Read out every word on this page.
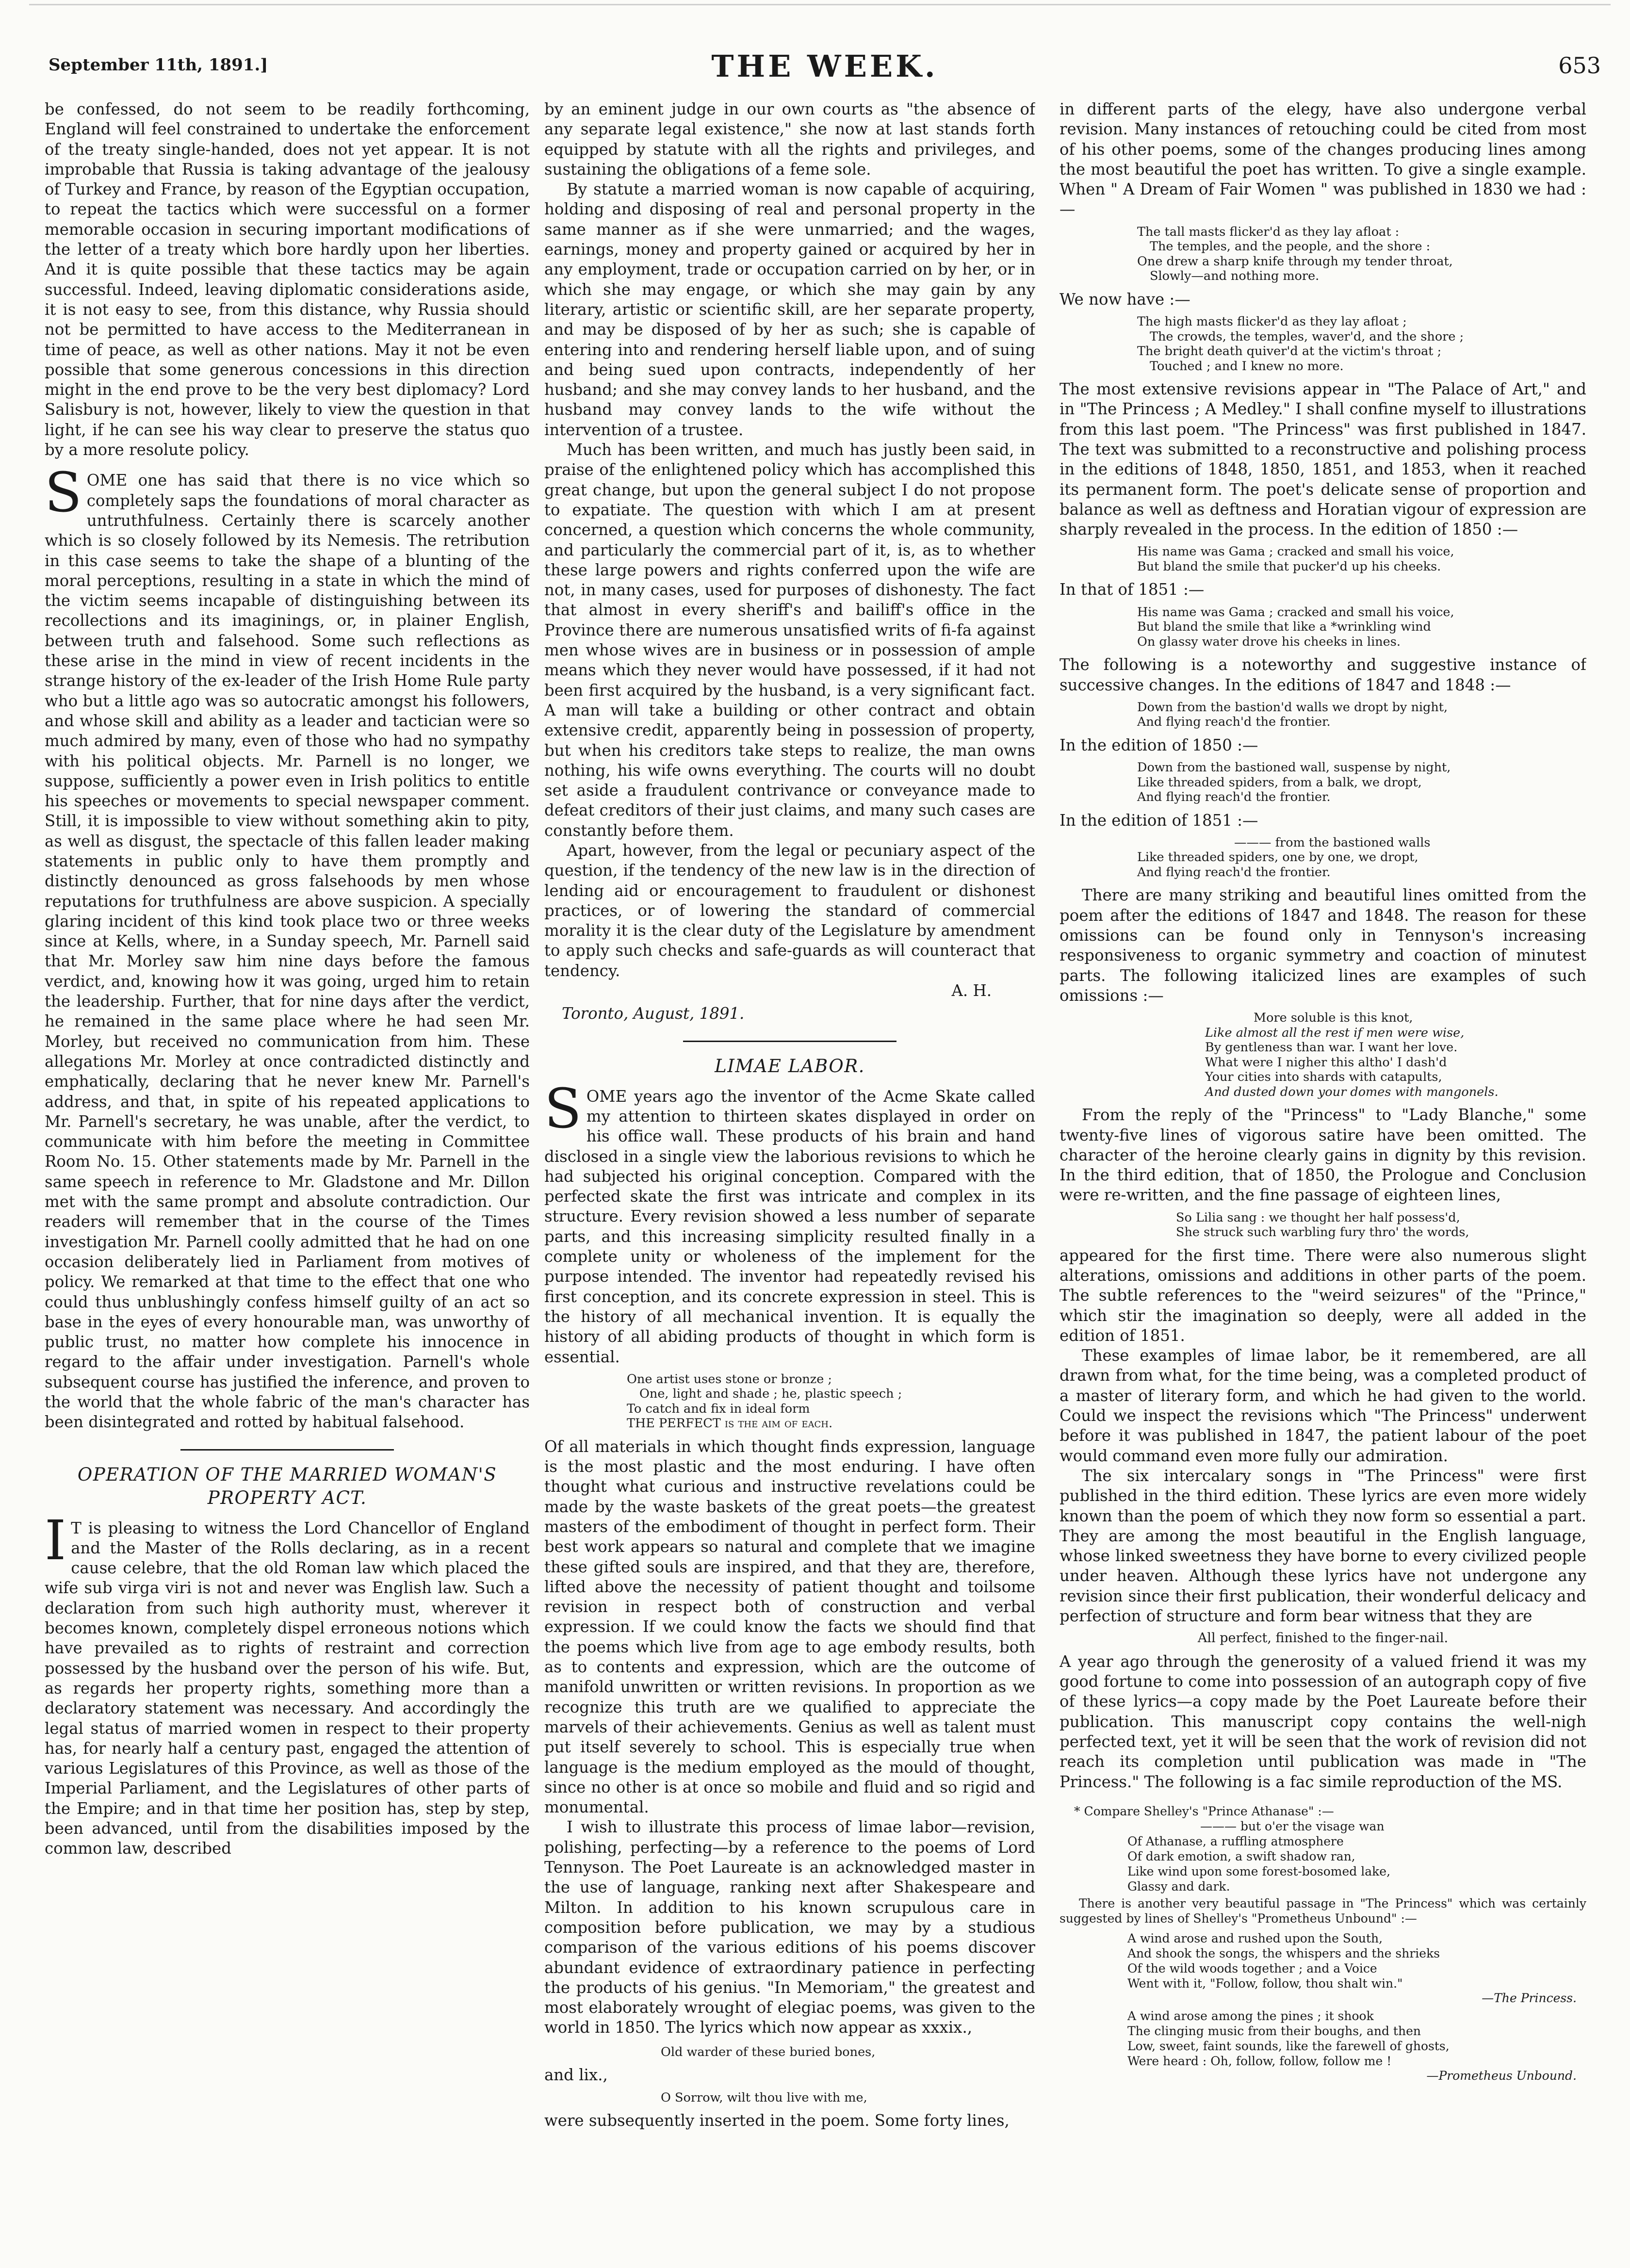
September 11th, 1891.]	THE WEEK.	653

be confessed, do not seem to be readily forthcoming, England will feel constrained to undertake the enforcement of the treaty single-handed, does not yet appear. It is not improbable that Russia is taking advantage of the jealousy of Turkey and France, by reason of the Egyptian occupation, to repeat the tactics which were successful on a former memorable occasion in securing important modifications of the letter of a treaty which bore hardly upon her liberties. And it is quite possible that these tactics may be again successful. Indeed, leaving diplomatic considerations aside, it is not easy to see, from this distance, why Russia should not be permitted to have access to the Mediterranean in time of peace, as well as other nations. May it not be even possible that some generous concessions in this direction might in the end prove to be the very best diplomacy? Lord Salisbury is not, however, likely to view the question in that light, if he can see his way clear to preserve the status quo by a more resolute policy.

SOME one has said that there is no vice which so completely saps the foundations of moral character as untruthfulness. Certainly there is scarcely another which is so closely followed by its Nemesis. The retribution in this case seems to take the shape of a blunting of the moral perceptions, resulting in a state in which the mind of the victim seems incapable of distinguishing between its recollections and its imaginings, or, in plainer English, between truth and falsehood. Some such reflections as these arise in the mind in view of recent incidents in the strange history of the ex-leader of the Irish Home Rule party who but a little ago was so autocratic amongst his followers, and whose skill and ability as a leader and tactician were so much admired by many, even of those who had no sympathy with his political objects. Mr. Parnell is no longer, we suppose, sufficiently a power even in Irish politics to entitle his speeches or movements to special newspaper comment. Still, it is impossible to view without something akin to pity, as well as disgust, the spectacle of this fallen leader making statements in public only to have them promptly and distinctly denounced as gross falsehoods by men whose reputations for truthfulness are above suspicion. A specially glaring incident of this kind took place two or three weeks since at Kells, where, in a Sunday speech, Mr. Parnell said that Mr. Morley saw him nine days before the famous verdict, and, knowing how it was going, urged him to retain the leadership. Further, that for nine days after the verdict, he remained in the same place where he had seen Mr. Morley, but received no communication from him. These allegations Mr. Morley at once contradicted distinctly and emphatically, declaring that he never knew Mr. Parnell's address, and that, in spite of his repeated applications to Mr. Parnell's secretary, he was unable, after the verdict, to communicate with him before the meeting in Committee Room No. 15. Other statements made by Mr. Parnell in the same speech in reference to Mr. Gladstone and Mr. Dillon met with the same prompt and absolute contradiction. Our readers will remember that in the course of the Times investigation Mr. Parnell coolly admitted that he had on one occasion deliberately lied in Parliament from motives of policy. We remarked at that time to the effect that one who could thus unblushingly confess himself guilty of an act so base in the eyes of every honourable man, was unworthy of public trust, no matter how complete his innocence in regard to the affair under investigation. Parnell's whole subsequent course has justified the inference, and proven to the world that the whole fabric of the man's character has been disintegrated and rotted by habitual falsehood.

OPERATION OF THE MARRIED WOMAN'S PROPERTY ACT.

I T is pleasing to witness the Lord Chancellor of England and the Master of the Rolls declaring, as in a recent cause celebre, that the old Roman law which placed the wife sub virga viri is not and never was English law. Such a declaration from such high authority must, wherever it becomes known, completely dispel erroneous notions which have prevailed as to rights of restraint and correction possessed by the husband over the person of his wife. But, as regards her property rights, something more than a declaratory statement was necessary. And accordingly the legal status of married women in respect to their property has, for nearly half a century past, engaged the attention of various Legislatures of this Province, as well as those of the Imperial Parliament, and the Legislatures of other parts of the Empire; and in that time her position has, step by step, been advanced, until from the disabilities imposed by the common law, described

by an eminent judge in our own courts as "the absence of any separate legal existence," she now at last stands forth equipped by statute with all the rights and privileges, and sustaining the obligations of a feme sole.

By statute a married woman is now capable of acquiring, holding and disposing of real and personal property in the same manner as if she were unmarried; and the wages, earnings, money and property gained or acquired by her in any employment, trade or occupation carried on by her, or in which she may engage, or which she may gain by any literary, artistic or scientific skill, are her separate property, and may be disposed of by her as such; she is capable of entering into and rendering herself liable upon, and of suing and being sued upon contracts, independently of her husband; and she may convey lands to her husband, and the husband may convey lands to the wife without the intervention of a trustee.

Much has been written, and much has justly been said, in praise of the enlightened policy which has accomplished this great change, but upon the general subject I do not propose to expatiate. The question with which I am at present concerned, a question which concerns the whole community, and particularly the commercial part of it, is, as to whether these large powers and rights conferred upon the wife are not, in many cases, used for purposes of dishonesty. The fact that almost in every sheriff's and bailiff's office in the Province there are numerous unsatisfied writs of fi-fa against men whose wives are in business or in possession of ample means which they never would have possessed, if it had not been first acquired by the husband, is a very significant fact. A man will take a building or other contract and obtain extensive credit, apparently being in possession of property, but when his creditors take steps to realize, the man owns nothing, his wife owns everything. The courts will no doubt set aside a fraudulent contrivance or conveyance made to defeat creditors of their just claims, and many such cases are constantly before them.

Apart, however, from the legal or pecuniary aspect of the question, if the tendency of the new law is in the direction of lending aid or encouragement to fraudulent or dishonest practices, or of lowering the standard of commercial morality it is the clear duty of the Legislature by amendment to apply such checks and safe-guards as will counteract that tendency.

A. H.
Toronto, August, 1891.
LIMAE LABOR.

SOME years ago the inventor of the Acme Skate called my attention to thirteen skates displayed in order on his office wall. These products of his brain and hand disclosed in a single view the laborious revisions to which he had subjected his original conception. Compared with the perfected skate the first was intricate and complex in its structure. Every revision showed a less number of separate parts, and this increasing simplicity resulted finally in a complete unity or wholeness of the implement for the purpose intended. The inventor had repeatedly revised his first conception, and its concrete expression in steel. This is the history of all mechanical invention. It is equally the history of all abiding products of thought in which form is essential.

One artist uses stone or bronze ;
One, light and shade ; he, plastic speech ;
To catch and fix in ideal form
THE PERFECT is the aim of each.

Of all materials in which thought finds expression, language is the most plastic and the most enduring. I have often thought what curious and instructive revelations could be made by the waste baskets of the great poets—the greatest masters of the embodiment of thought in perfect form. Their best work appears so natural and complete that we imagine these gifted souls are inspired, and that they are, therefore, lifted above the necessity of patient thought and toilsome revision in respect both of construction and verbal expression. If we could know the facts we should find that the poems which live from age to age embody results, both as to contents and expression, which are the outcome of manifold unwritten or written revisions. In proportion as we recognize this truth are we qualified to appreciate the marvels of their achievements. Genius as well as talent must put itself severely to school. This is especially true when language is the medium employed as the mould of thought, since no other is at once so mobile and fluid and so rigid and monumental.

I wish to illustrate this process of limae labor—revision, polishing, perfecting—by a reference to the poems of Lord Tennyson. The Poet Laureate is an acknowledged master in the use of language, ranking next after Shakespeare and Milton. In addition to his known scrupulous care in composition before publication, we may by a studious comparison of the various editions of his poems discover abundant evidence of extraordinary patience in perfecting the products of his genius. "In Memoriam," the greatest and most elaborately wrought of elegiac poems, was given to the world in 1850. The lyrics which now appear as xxxix.,

Old warder of these buried bones,

and lix.,

O Sorrow, wilt thou live with me,

were subsequently inserted in the poem. Some forty lines,

in different parts of the elegy, have also undergone verbal revision. Many instances of retouching could be cited from most of his other poems, some of the changes producing lines among the most beautiful the poet has written. To give a single example. When " A Dream of Fair Women " was published in 1830 we had :—

The tall masts flicker'd as they lay afloat :
The temples, and the people, and the shore :
One drew a sharp knife through my tender throat,
Slowly—and nothing more.

We now have :—

The high masts flicker'd as they lay afloat ;
The crowds, the temples, waver'd, and the shore ;
The bright death quiver'd at the victim's throat ;
Touched ; and I knew no more.

The most extensive revisions appear in "The Palace of Art," and in "The Princess ; A Medley." I shall confine myself to illustrations from this last poem. "The Princess" was first published in 1847. The text was submitted to a reconstructive and polishing process in the editions of 1848, 1850, 1851, and 1853, when it reached its permanent form. The poet's delicate sense of proportion and balance as well as deftness and Horatian vigour of expression are sharply revealed in the process. In the edition of 1850 :—

His name was Gama ; cracked and small his voice,
But bland the smile that pucker'd up his cheeks.

In that of 1851 :—

His name was Gama ; cracked and small his voice,
But bland the smile that like a *wrinkling wind
On glassy water drove his cheeks in lines.

The following is a noteworthy and suggestive instance of successive changes. In the editions of 1847 and 1848 :—

Down from the bastion'd walls we dropt by night,
And flying reach'd the frontier.

In the edition of 1850 :—

Down from the bastioned wall, suspense by night,
Like threaded spiders, from a balk, we dropt,
And flying reach'd the frontier.

In the edition of 1851 :—

——— from the bastioned walls
Like threaded spiders, one by one, we dropt,
And flying reach'd the frontier.

There are many striking and beautiful lines omitted from the poem after the editions of 1847 and 1848. The reason for these omissions can be found only in Tennyson's increasing responsiveness to organic symmetry and coaction of minutest parts. The following italicized lines are examples of such omissions :—

More soluble is this knot,
Like almost all the rest if men were wise,
By gentleness than war. I want her love.
What were I nigher this altho' I dash'd
Your cities into shards with catapults,
And dusted down your domes with mangonels.

From the reply of the "Princess" to "Lady Blanche," some twenty-five lines of vigorous satire have been omitted. The character of the heroine clearly gains in dignity by this revision. In the third edition, that of 1850, the Prologue and Conclusion were re-written, and the fine passage of eighteen lines,

So Lilia sang : we thought her half possess'd,
She struck such warbling fury thro' the words,

appeared for the first time. There were also numerous slight alterations, omissions and additions in other parts of the poem. The subtle references to the "weird seizures" of the "Prince," which stir the imagination so deeply, were all added in the edition of 1851.

These examples of limae labor, be it remembered, are all drawn from what, for the time being, was a completed product of a master of literary form, and which he had given to the world. Could we inspect the revisions which "The Princess" underwent before it was published in 1847, the patient labour of the poet would command even more fully our admiration.

The six intercalary songs in "The Princess" were first published in the third edition. These lyrics are even more widely known than the poem of which they now form so essential a part. They are among the most beautiful in the English language, whose linked sweetness they have borne to every civilized people under heaven. Although these lyrics have not undergone any revision since their first publication, their wonderful delicacy and perfection of structure and form bear witness that they are

All perfect, finished to the finger-nail.

A year ago through the generosity of a valued friend it was my good fortune to come into possession of an autograph copy of five of these lyrics—a copy made by the Poet Laureate before their publication. This manuscript copy contains the well-nigh perfected text, yet it will be seen that the work of revision did not reach its completion until publication was made in "The Princess." The following is a fac simile reproduction of the MS.

* Compare Shelley's "Prince Athanase" :—
——— but o'er the visage wan
Of Athanase, a ruffling atmosphere
Of dark emotion, a swift shadow ran,
Like wind upon some forest-bosomed lake,
Glassy and dark.
There is another very beautiful passage in "The Princess" which was certainly suggested by lines of Shelley's "Prometheus Unbound" :—
A wind arose and rushed upon the South,
And shook the songs, the whispers and the shrieks
Of the wild woods together ; and a Voice
Went with it, "Follow, follow, thou shalt win."
—The Princess.
A wind arose among the pines ; it shook
The clinging music from their boughs, and then
Low, sweet, faint sounds, like the farewell of ghosts,
Were heard : Oh, follow, follow, follow me !
—Prometheus Unbound.
